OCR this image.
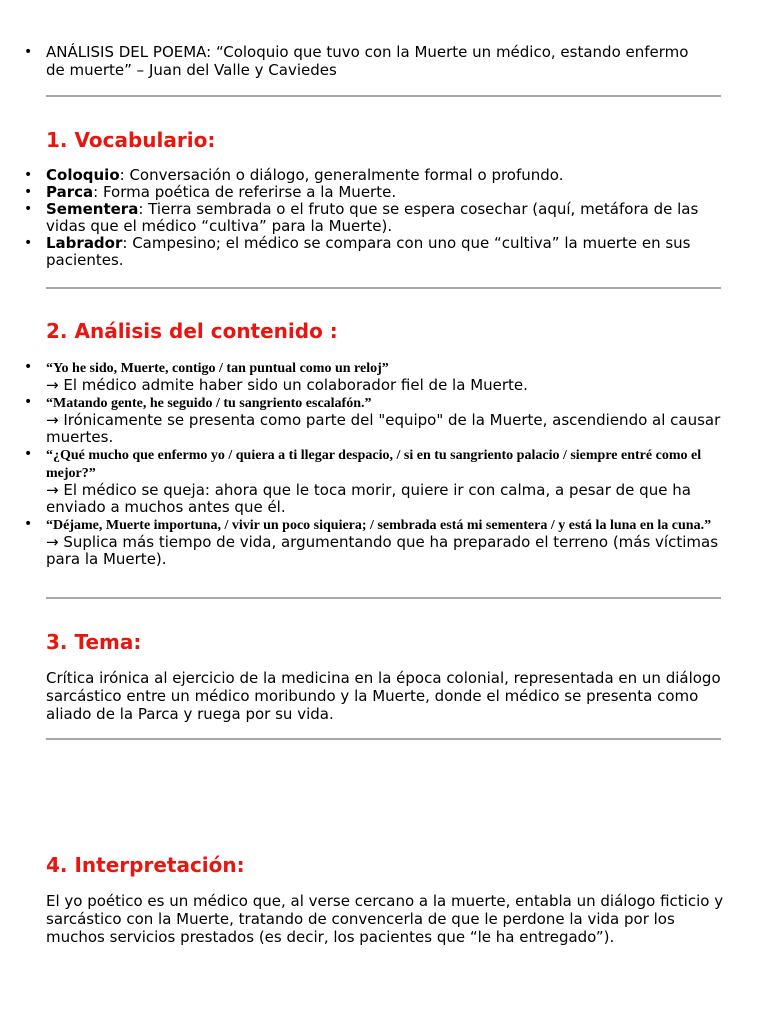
• ANÁLISIS DEL POEMA: “Coloquio que tuvo con la Muerte un médico, estando enfermo de muerte” – Juan del Valle y Caviedes
1. Vocabulario:
• Coloquio: Conversación o diálogo, generalmente formal o profundo.
• Parca: Forma poética de referirse a la Muerte.
• Sementera: Tierra sembrada o el fruto que se espera cosechar (aquí, metáfora de las vidas que el médico “cultiva” para la Muerte).
• Labrador: Campesino; el médico se compara con uno que “cultiva” la muerte en sus pacientes.
2. Análisis del contenido :
• “Yo he sido, Muerte, contigo / tan puntual como un reloj”
→ El médico admite haber sido un colaborador fiel de la Muerte.
• “Matando gente, he seguido / tu sangriento escalafón.”
→ Irónicamente se presenta como parte del "equipo" de la Muerte, ascendiendo al causar muertes.
• “¿Qué mucho que enfermo yo / quiera a ti llegar despacio, / si en tu sangriento palacio / siempre entré como el mejor?”
→ El médico se queja: ahora que le toca morir, quiere ir con calma, a pesar de que ha enviado a muchos antes que él.
• “Déjame, Muerte importuna, / vivir un poco siquiera; / sembrada está mi sementera / y está la luna en la cuna.”
→ Suplica más tiempo de vida, argumentando que ha preparado el terreno (más víctimas para la Muerte).
3. Tema:

Crítica irónica al ejercicio de la medicina en la época colonial, representada en un diálogo sarcástico entre un médico moribundo y la Muerte, donde el médico se presenta como aliado de la Parca y ruega por su vida.

4. Interpretación:

El yo poético es un médico que, al verse cercano a la muerte, entabla un diálogo ficticio y sarcástico con la Muerte, tratando de convencerla de que le perdone la vida por los muchos servicios prestados (es decir, los pacientes que “le ha entregado”).
